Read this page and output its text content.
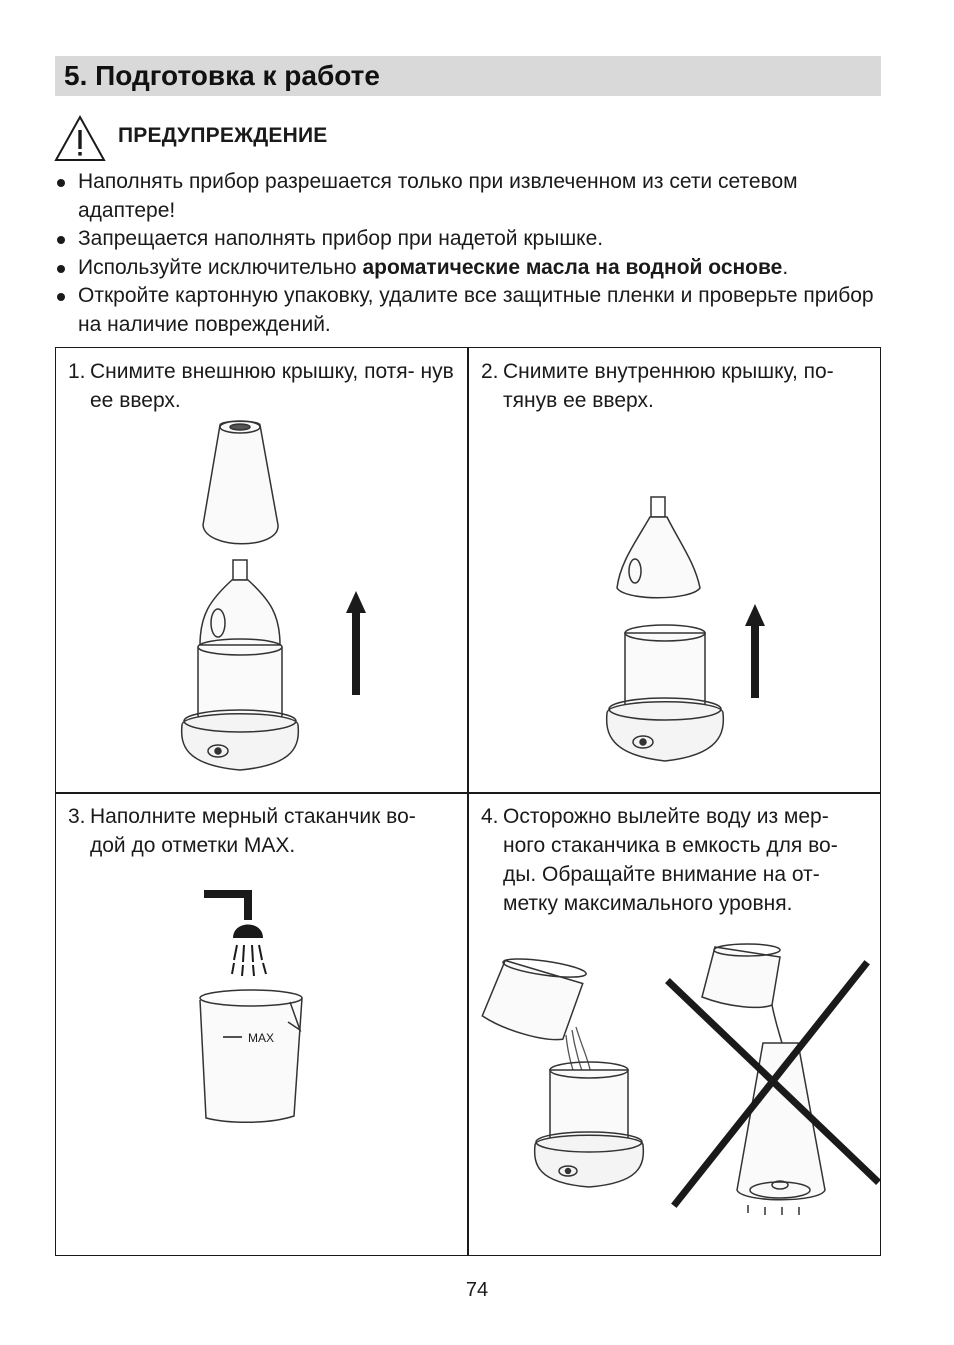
5. Подготовка к работе
ПРЕДУПРЕЖДЕНИЕ
Наполнять прибор разрешается только при извлеченном из сети сетевом адаптере!
Запрещается наполнять прибор при надетой крышке.
Используйте исключительно ароматические масла на водной основе.
Откройте картонную упаковку, удалите все защитные пленки и проверьте прибор на наличие повреждений.
1. Снимите внешнюю крышку, потя- нув ее вверх.
2. Снимите внутреннюю крышку, по- тянув ее вверх.
3. Наполните мерный стаканчик во- дой до отметки MAX.
4. Осторожно вылейте воду из мер- ного стаканчика в емкость для во- ды. Обращайте внимание на от- метку максимального уровня.
MAX
74
